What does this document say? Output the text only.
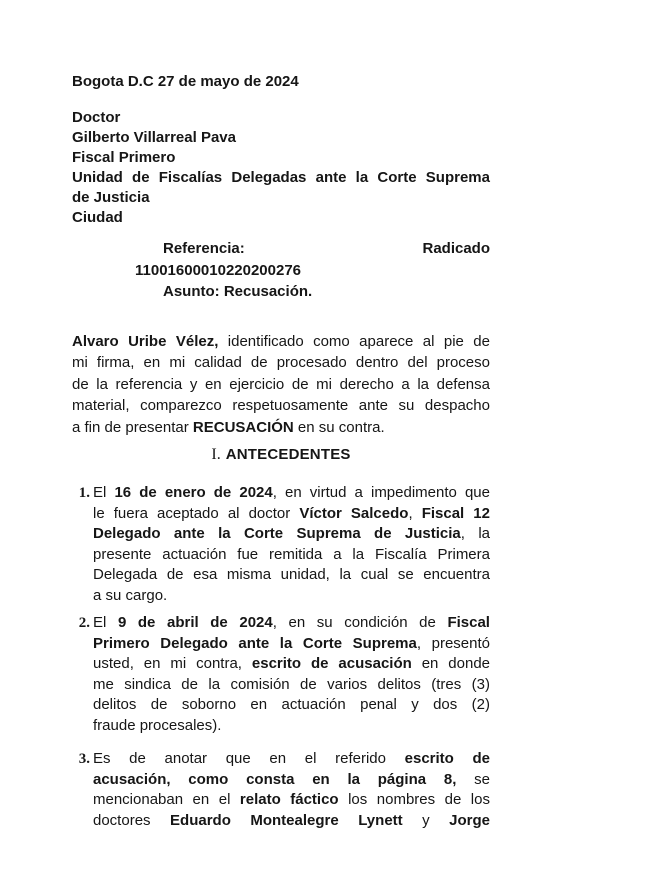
Bogota D.C 27 de mayo de 2024
Doctor
Gilberto Villarreal Pava
Fiscal Primero
Unidad de Fiscalías Delegadas ante la Corte Suprema
de Justicia
Ciudad
Referencia:	Radicado
11001600010220200276
Asunto: Recusación.
Alvaro Uribe Vélez, identificado como aparece al pie de
mi firma, en mi calidad de procesado dentro del proceso
de la referencia y en ejercicio de mi derecho a la defensa
material, comparezco respetuosamente ante su despacho
a fin de presentar RECUSACIÓN en su contra.
I. ANTECEDENTES
1. El 16 de enero de 2024, en virtud a impedimento que
le fuera aceptado al doctor Víctor Salcedo, Fiscal 12
Delegado ante la Corte Suprema de Justicia, la
presente actuación fue remitida a la Fiscalía Primera
Delegada de esa misma unidad, la cual se encuentra
a su cargo.
2. El 9 de abril de 2024, en su condición de Fiscal
Primero Delegado ante la Corte Suprema, presentó
usted, en mi contra, escrito de acusación en donde
me sindica de la comisión de varios delitos (tres (3)
delitos de soborno en actuación penal y dos (2)
fraude procesales).
3. Es de anotar que en el referido escrito de
acusación, como consta en la página 8, se
mencionaban en el relato fáctico los nombres de los
doctores Eduardo Montealegre Lynett y Jorge
